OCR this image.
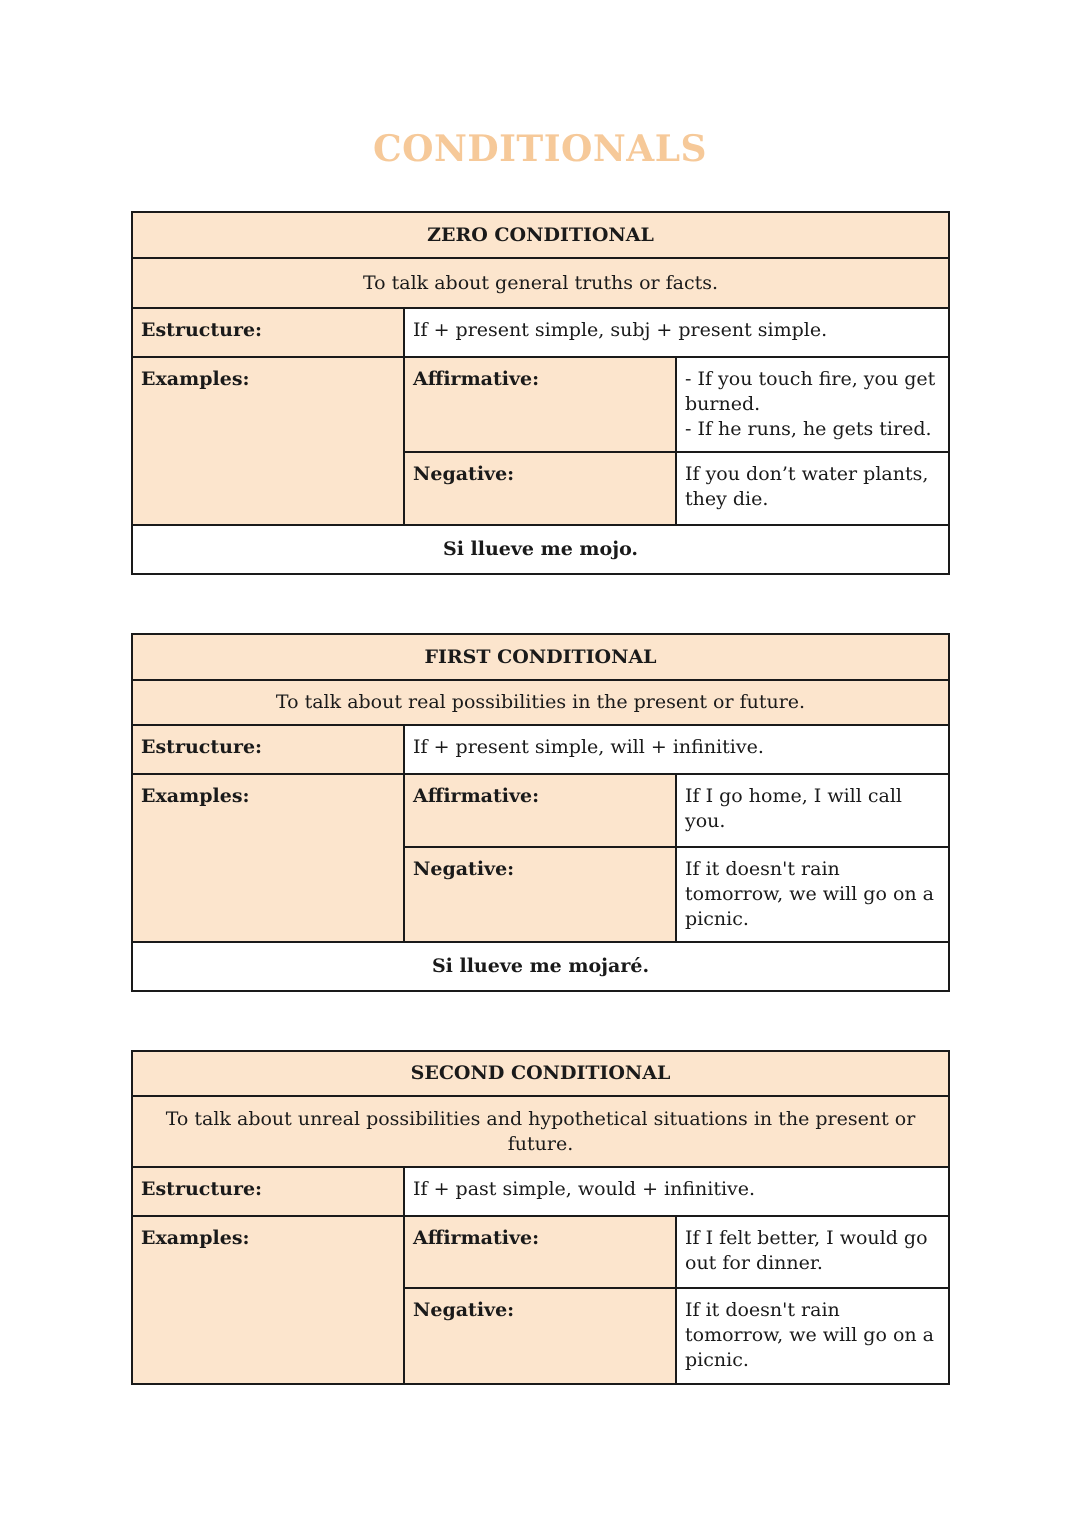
CONDITIONALS
ZERO CONDITIONAL		
To talk about general truths or facts.		
Estructure:	If + present simple, subj + present simple.	
Examples:	Affirmative:	- If you touch fire, you get burned.
- If he runs, he gets tired.
	Negative:	If you don’t water plants, they die.
Si llueve me mojo.		
FIRST CONDITIONAL		
To talk about real possibilities in the present or future.		
Estructure:	If + present simple, will + infinitive.	
Examples:	Affirmative:	If I go home, I will call you.
	Negative:	If it doesn't rain tomorrow, we will go on a picnic.
Si llueve me mojaré.		
SECOND CONDITIONAL		
To talk about unreal possibilities and hypothetical situations in the present or future.		
Estructure:	If + past simple, would + infinitive.	
Examples:	Affirmative:	If I felt better, I would go out for dinner.
	Negative:	If it doesn't rain tomorrow, we will go on a picnic.
